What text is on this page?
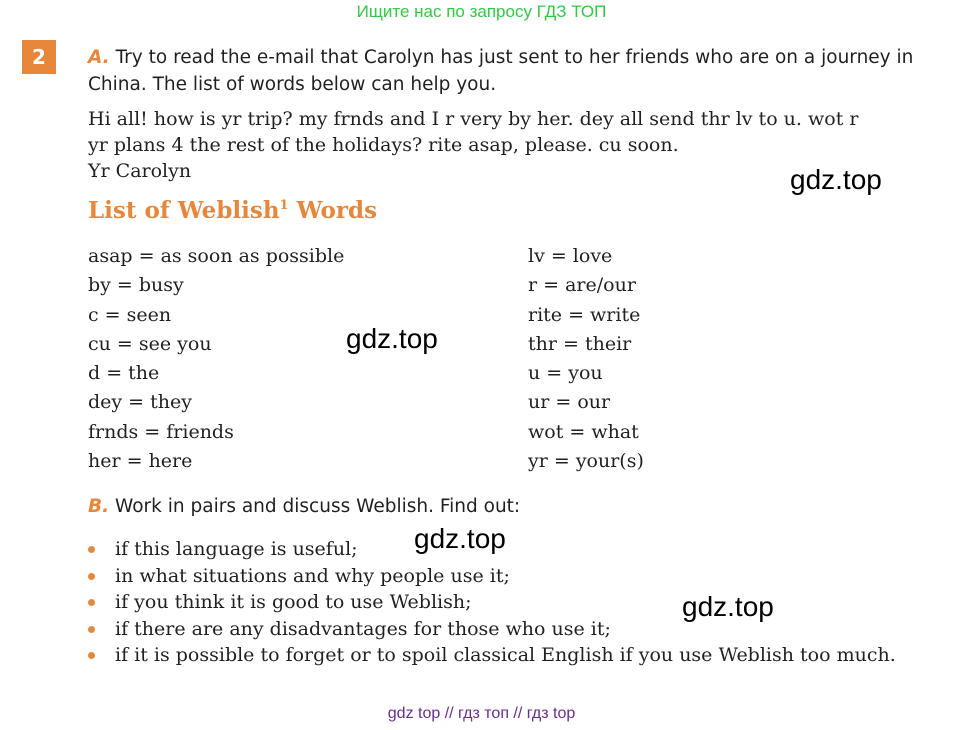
Ищите нас по запросу ГДЗ ТОП
2	A. Try to read the e-mail that Carolyn has just sent to her friends who are on a journey in China. The list of words below can help you.
Hi all! how is yr trip? my frnds and I r very by her. dey all send thr lv to u. wot r
yr plans 4 the rest of the holidays? rite asap, please. cu soon.
Yr Carolyn
List of Weblish$^1$ Words
asap = as soon as possible
by = busy
c = seen
cu = see you
d = the
dey = they
frnds = friends
her = here
lv = love
r = are/our
rite = write
thr = their
u = you
ur = our
wot = what
yr = your(s)
B. Work in pairs and discuss Weblish. Find out:
if this language is useful;
in what situations and why people use it;
if you think it is good to use Weblish;
if there are any disadvantages for those who use it;
if it is possible to forget or to spoil classical English if you use Weblish too much.
gdz.top
gdz.top
gdz.top
gdz.top
gdz top // гдз топ // гдз top
